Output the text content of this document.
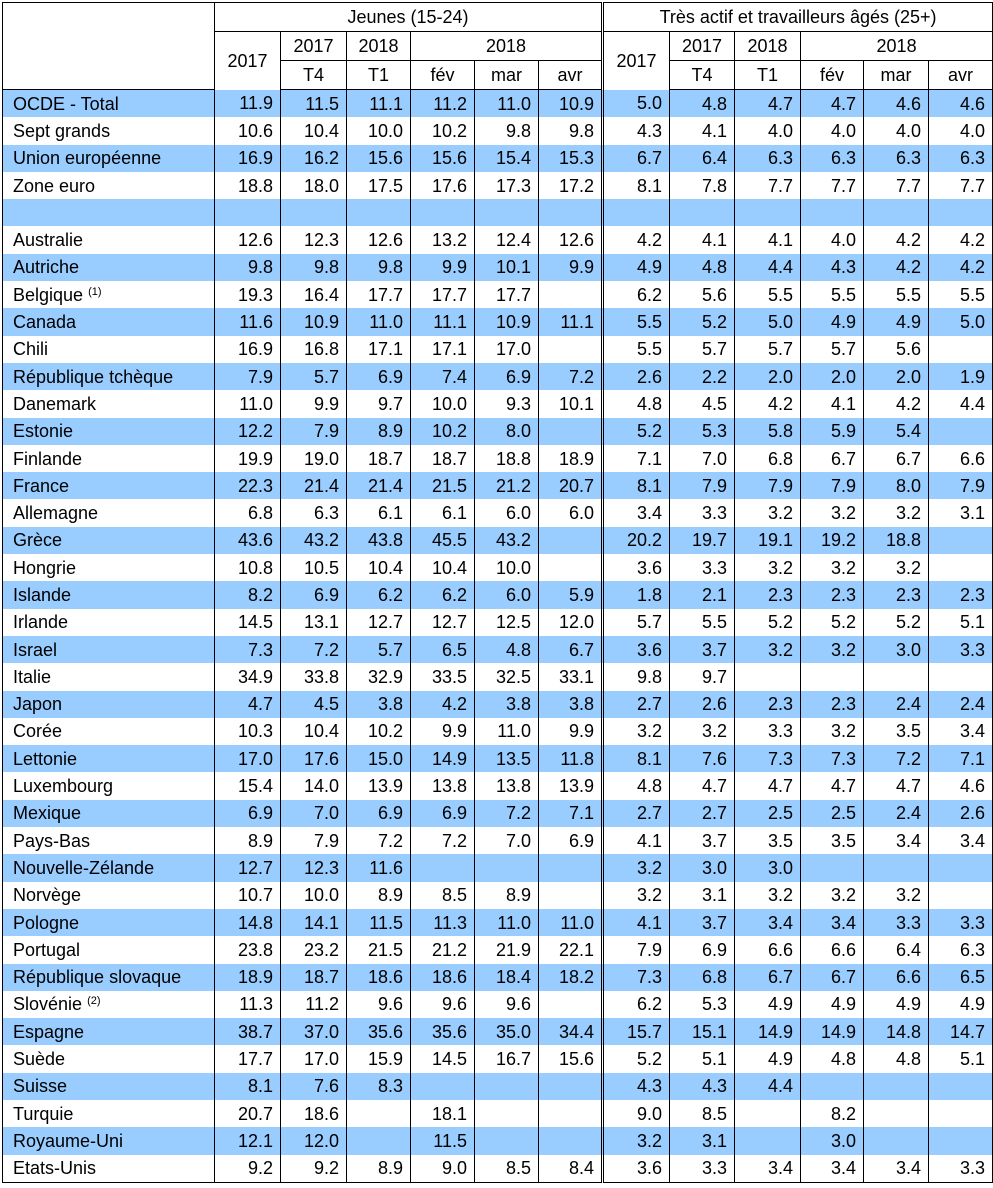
	Jeunes (15-24)						Très actif et travailleurs âgés (25+)					
	2017	2017	2018	2018			2017	2017	2018	2018		
		T4	T1	fév	mar	avr		T4	T1	fév	mar	avr
OCDE - Total	11.9	11.5	11.1	11.2	11.0	10.9	5.0	4.8	4.7	4.7	4.6	4.6
Sept grands	10.6	10.4	10.0	10.2	9.8	9.8	4.3	4.1	4.0	4.0	4.0	4.0
Union européenne	16.9	16.2	15.6	15.6	15.4	15.3	6.7	6.4	6.3	6.3	6.3	6.3
Zone euro	18.8	18.0	17.5	17.6	17.3	17.2	8.1	7.8	7.7	7.7	7.7	7.7

Australie	12.6	12.3	12.6	13.2	12.4	12.6	4.2	4.1	4.1	4.0	4.2	4.2
Autriche	9.8	9.8	9.8	9.9	10.1	9.9	4.9	4.8	4.4	4.3	4.2	4.2
Belgique $^{(1)}$	19.3	16.4	17.7	17.7	17.7		6.2	5.6	5.5	5.5	5.5	5.5
Canada	11.6	10.9	11.0	11.1	10.9	11.1	5.5	5.2	5.0	4.9	4.9	5.0
Chili	16.9	16.8	17.1	17.1	17.0		5.5	5.7	5.7	5.7	5.6	
République tchèque	7.9	5.7	6.9	7.4	6.9	7.2	2.6	2.2	2.0	2.0	2.0	1.9
Danemark	11.0	9.9	9.7	10.0	9.3	10.1	4.8	4.5	4.2	4.1	4.2	4.4
Estonie	12.2	7.9	8.9	10.2	8.0		5.2	5.3	5.8	5.9	5.4	
Finlande	19.9	19.0	18.7	18.7	18.8	18.9	7.1	7.0	6.8	6.7	6.7	6.6
France	22.3	21.4	21.4	21.5	21.2	20.7	8.1	7.9	7.9	7.9	8.0	7.9
Allemagne	6.8	6.3	6.1	6.1	6.0	6.0	3.4	3.3	3.2	3.2	3.2	3.1
Grèce	43.6	43.2	43.8	45.5	43.2		20.2	19.7	19.1	19.2	18.8	
Hongrie	10.8	10.5	10.4	10.4	10.0		3.6	3.3	3.2	3.2	3.2	
Islande	8.2	6.9	6.2	6.2	6.0	5.9	1.8	2.1	2.3	2.3	2.3	2.3
Irlande	14.5	13.1	12.7	12.7	12.5	12.0	5.7	5.5	5.2	5.2	5.2	5.1
Israel	7.3	7.2	5.7	6.5	4.8	6.7	3.6	3.7	3.2	3.2	3.0	3.3
Italie	34.9	33.8	32.9	33.5	32.5	33.1	9.8	9.7				
Japon	4.7	4.5	3.8	4.2	3.8	3.8	2.7	2.6	2.3	2.3	2.4	2.4
Corée	10.3	10.4	10.2	9.9	11.0	9.9	3.2	3.2	3.3	3.2	3.5	3.4
Lettonie	17.0	17.6	15.0	14.9	13.5	11.8	8.1	7.6	7.3	7.3	7.2	7.1
Luxembourg	15.4	14.0	13.9	13.8	13.8	13.9	4.8	4.7	4.7	4.7	4.7	4.6
Mexique	6.9	7.0	6.9	6.9	7.2	7.1	2.7	2.7	2.5	2.5	2.4	2.6
Pays-Bas	8.9	7.9	7.2	7.2	7.0	6.9	4.1	3.7	3.5	3.5	3.4	3.4
Nouvelle-Zélande	12.7	12.3	11.6				3.2	3.0	3.0			
Norvège	10.7	10.0	8.9	8.5	8.9		3.2	3.1	3.2	3.2	3.2	
Pologne	14.8	14.1	11.5	11.3	11.0	11.0	4.1	3.7	3.4	3.4	3.3	3.3
Portugal	23.8	23.2	21.5	21.2	21.9	22.1	7.9	6.9	6.6	6.6	6.4	6.3
République slovaque	18.9	18.7	18.6	18.6	18.4	18.2	7.3	6.8	6.7	6.7	6.6	6.5
Slovénie $^{(2)}$	11.3	11.2	9.6	9.6	9.6		6.2	5.3	4.9	4.9	4.9	4.9
Espagne	38.7	37.0	35.6	35.6	35.0	34.4	15.7	15.1	14.9	14.9	14.8	14.7
Suède	17.7	17.0	15.9	14.5	16.7	15.6	5.2	5.1	4.9	4.8	4.8	5.1
Suisse	8.1	7.6	8.3				4.3	4.3	4.4			
Turquie	20.7	18.6		18.1			9.0	8.5		8.2		
Royaume-Uni	12.1	12.0		11.5			3.2	3.1		3.0		
Etats-Unis	9.2	9.2	8.9	9.0	8.5	8.4	3.6	3.3	3.4	3.4	3.4	3.3
